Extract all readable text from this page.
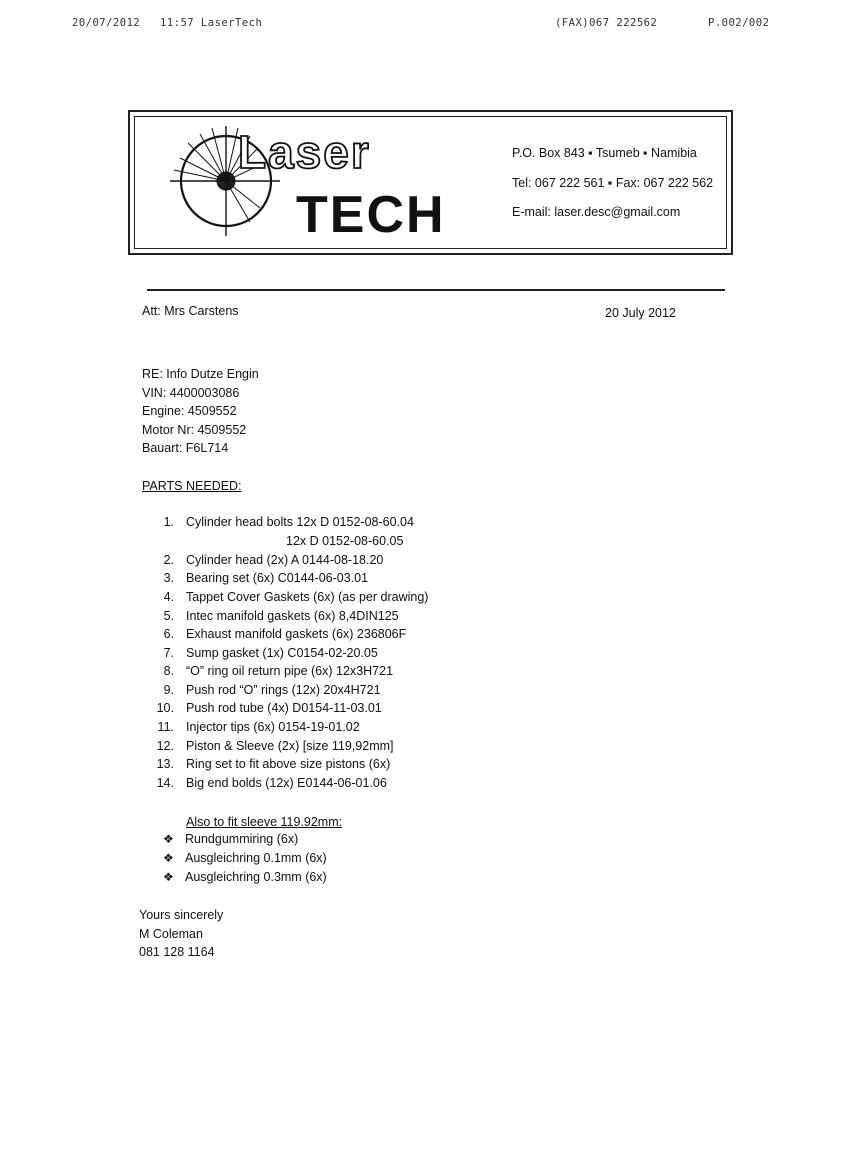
20/07/2012 11:57 LaserTech	(FAX)067 222562	P.002/002
Laser
TECH
P.O. Box 843 ▪ Tsumeb ▪ Namibia
Tel: 067 222 561 ▪ Fax: 067 222 562
E-mail: laser.desc@gmail.com
Att: Mrs Carstens	20 July 2012
RE: Info Dutze Engin
VIN: 4400003086
Engine: 4509552
Motor Nr: 4509552
Bauart: F6L714
PARTS NEEDED:
1. Cylinder head bolts 12x D 0152-08-60.04
12x D 0152-08-60.05
2. Cylinder head (2x) A 0144-08-18.20
3. Bearing set (6x) C0144-06-03.01
4. Tappet Cover Gaskets (6x) (as per drawing)
5. Intec manifold gaskets (6x) 8,4DIN125
6. Exhaust manifold gaskets (6x) 236806F
7. Sump gasket (1x) C0154-02-20.05
8. “O” ring oil return pipe (6x) 12x3H721
9. Push rod “O” rings (12x) 20x4H721
10. Push rod tube (4x) D0154-11-03.01
11. Injector tips (6x) 0154-19-01.02
12. Piston & Sleeve (2x) [size 119,92mm]
13. Ring set to fit above size pistons (6x)
14. Big end bolds (12x) E0144-06-01.06
Also to fit sleeve 119.92mm:
❖ Rundgummiring (6x)
❖ Ausgleichring 0.1mm (6x)
❖ Ausgleichring 0.3mm (6x)
Yours sincerely
M Coleman
081 128 1164
